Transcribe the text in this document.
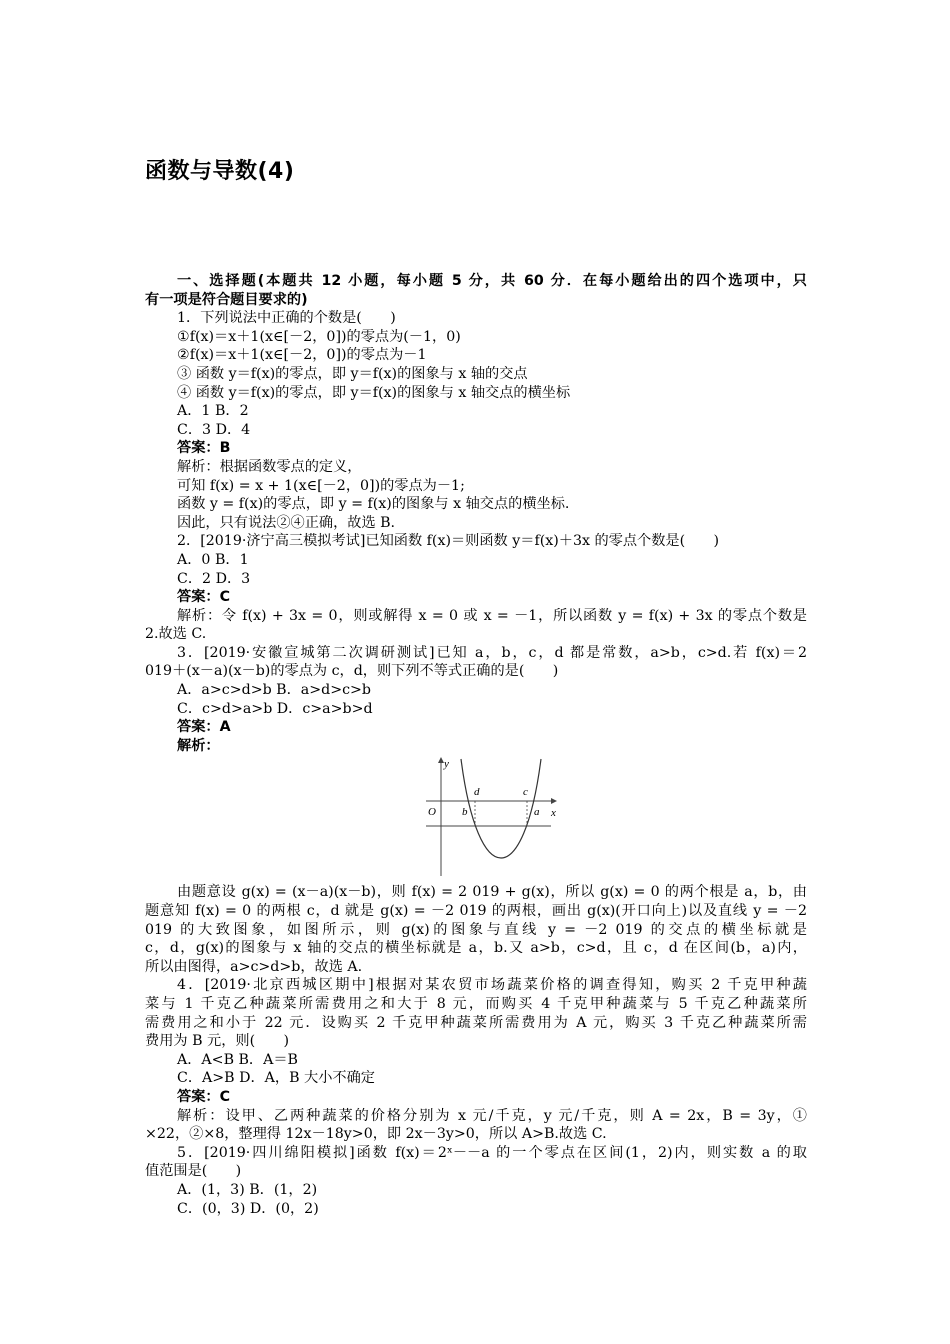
函数与导数(4)

一、选择题(本题共 12 小题，每小题 5 分，共 60 分．在每小题给出的四个选项中，只

有一项是符合题目要求的)

1．下列说法中正确的个数是(　　)

①f(x)＝x＋1(x∈[－2，0])的零点为(－1，0)

②f(x)＝x＋1(x∈[－2，0])的零点为－1

③ 函数 y＝f(x)的零点，即 y＝f(x)的图象与 x 轴的交点

④ 函数 y＝f(x)的零点，即 y＝f(x)的图象与 x 轴交点的横坐标

A．1 B．2

C．3 D．4

答案：B

解析：根据函数零点的定义，

可知 f(x) = x + 1(x∈[－2，0])的零点为－1;

函数 y = f(x)的零点，即 y = f(x)的图象与 x 轴交点的横坐标.

因此，只有说法②④正确，故选 B.

2．[2019·济宁高三模拟考试]已知函数 f(x)＝则函数 y＝f(x)＋3x 的零点个数是(　　)

A．0 B．1

C．2 D．3

答案：C

解析：令 f(x) + 3x = 0，则或解得 x = 0 或 x = －1，所以函数 y = f(x) + 3x 的零点个数是

2.故选 C.

3．[2019·安徽宣城第二次调研测试]已知 a，b，c，d 都是常数，a>b，c>d.若 f(x)＝2

019＋(x－a)(x－b)的零点为 c，d，则下列不等式正确的是(　　)

A．a>c>d>b B．a>d>c>b

C．c>d>a>b D．c>a>b>d

答案：A

解析：

y
x
O
d	c
b	a

由题意设 g(x) = (x－a)(x－b)，则 f(x) = 2 019 + g(x)，所以 g(x) = 0 的两个根是 a，b，由

题意知 f(x) = 0 的两根 c，d 就是 g(x) = －2 019 的两根，画出 g(x)(开口向上)以及直线 y = －2

019 的大致图象，如图所示，则 g(x)的图象与直线 y = －2 019 的交点的横坐标就是

c，d，g(x)的图象与 x 轴的交点的横坐标就是 a，b.又 a>b，c>d，且 c，d 在区间(b，a)内，

所以由图得，a>c>d>b，故选 A.

4．[2019·北京西城区期中]根据对某农贸市场蔬菜价格的调查得知，购买 2 千克甲种蔬

菜与 1 千克乙种蔬菜所需费用之和大于 8 元，而购买 4 千克甲种蔬菜与 5 千克乙种蔬菜所

需费用之和小于 22 元．设购买 2 千克甲种蔬菜所需费用为 A 元，购买 3 千克乙种蔬菜所需

费用为 B 元，则(　　)

A．A<B B．A＝B

C．A>B D．A，B 大小不确定

答案：C

解析：设甲、乙两种蔬菜的价格分别为 x 元/千克，y 元/千克，则 A = 2x，B = 3y，①

×22，②×8，整理得 12x－18y>0，即 2x－3y>0，所以 A>B.故选 C.

5．[2019·四川绵阳模拟]函数 f(x)＝2ˣ－－a 的一个零点在区间(1，2)内，则实数 a 的取

值范围是(　　)

A．(1，3) B．(1，2)

C．(0，3) D．(0，2)
